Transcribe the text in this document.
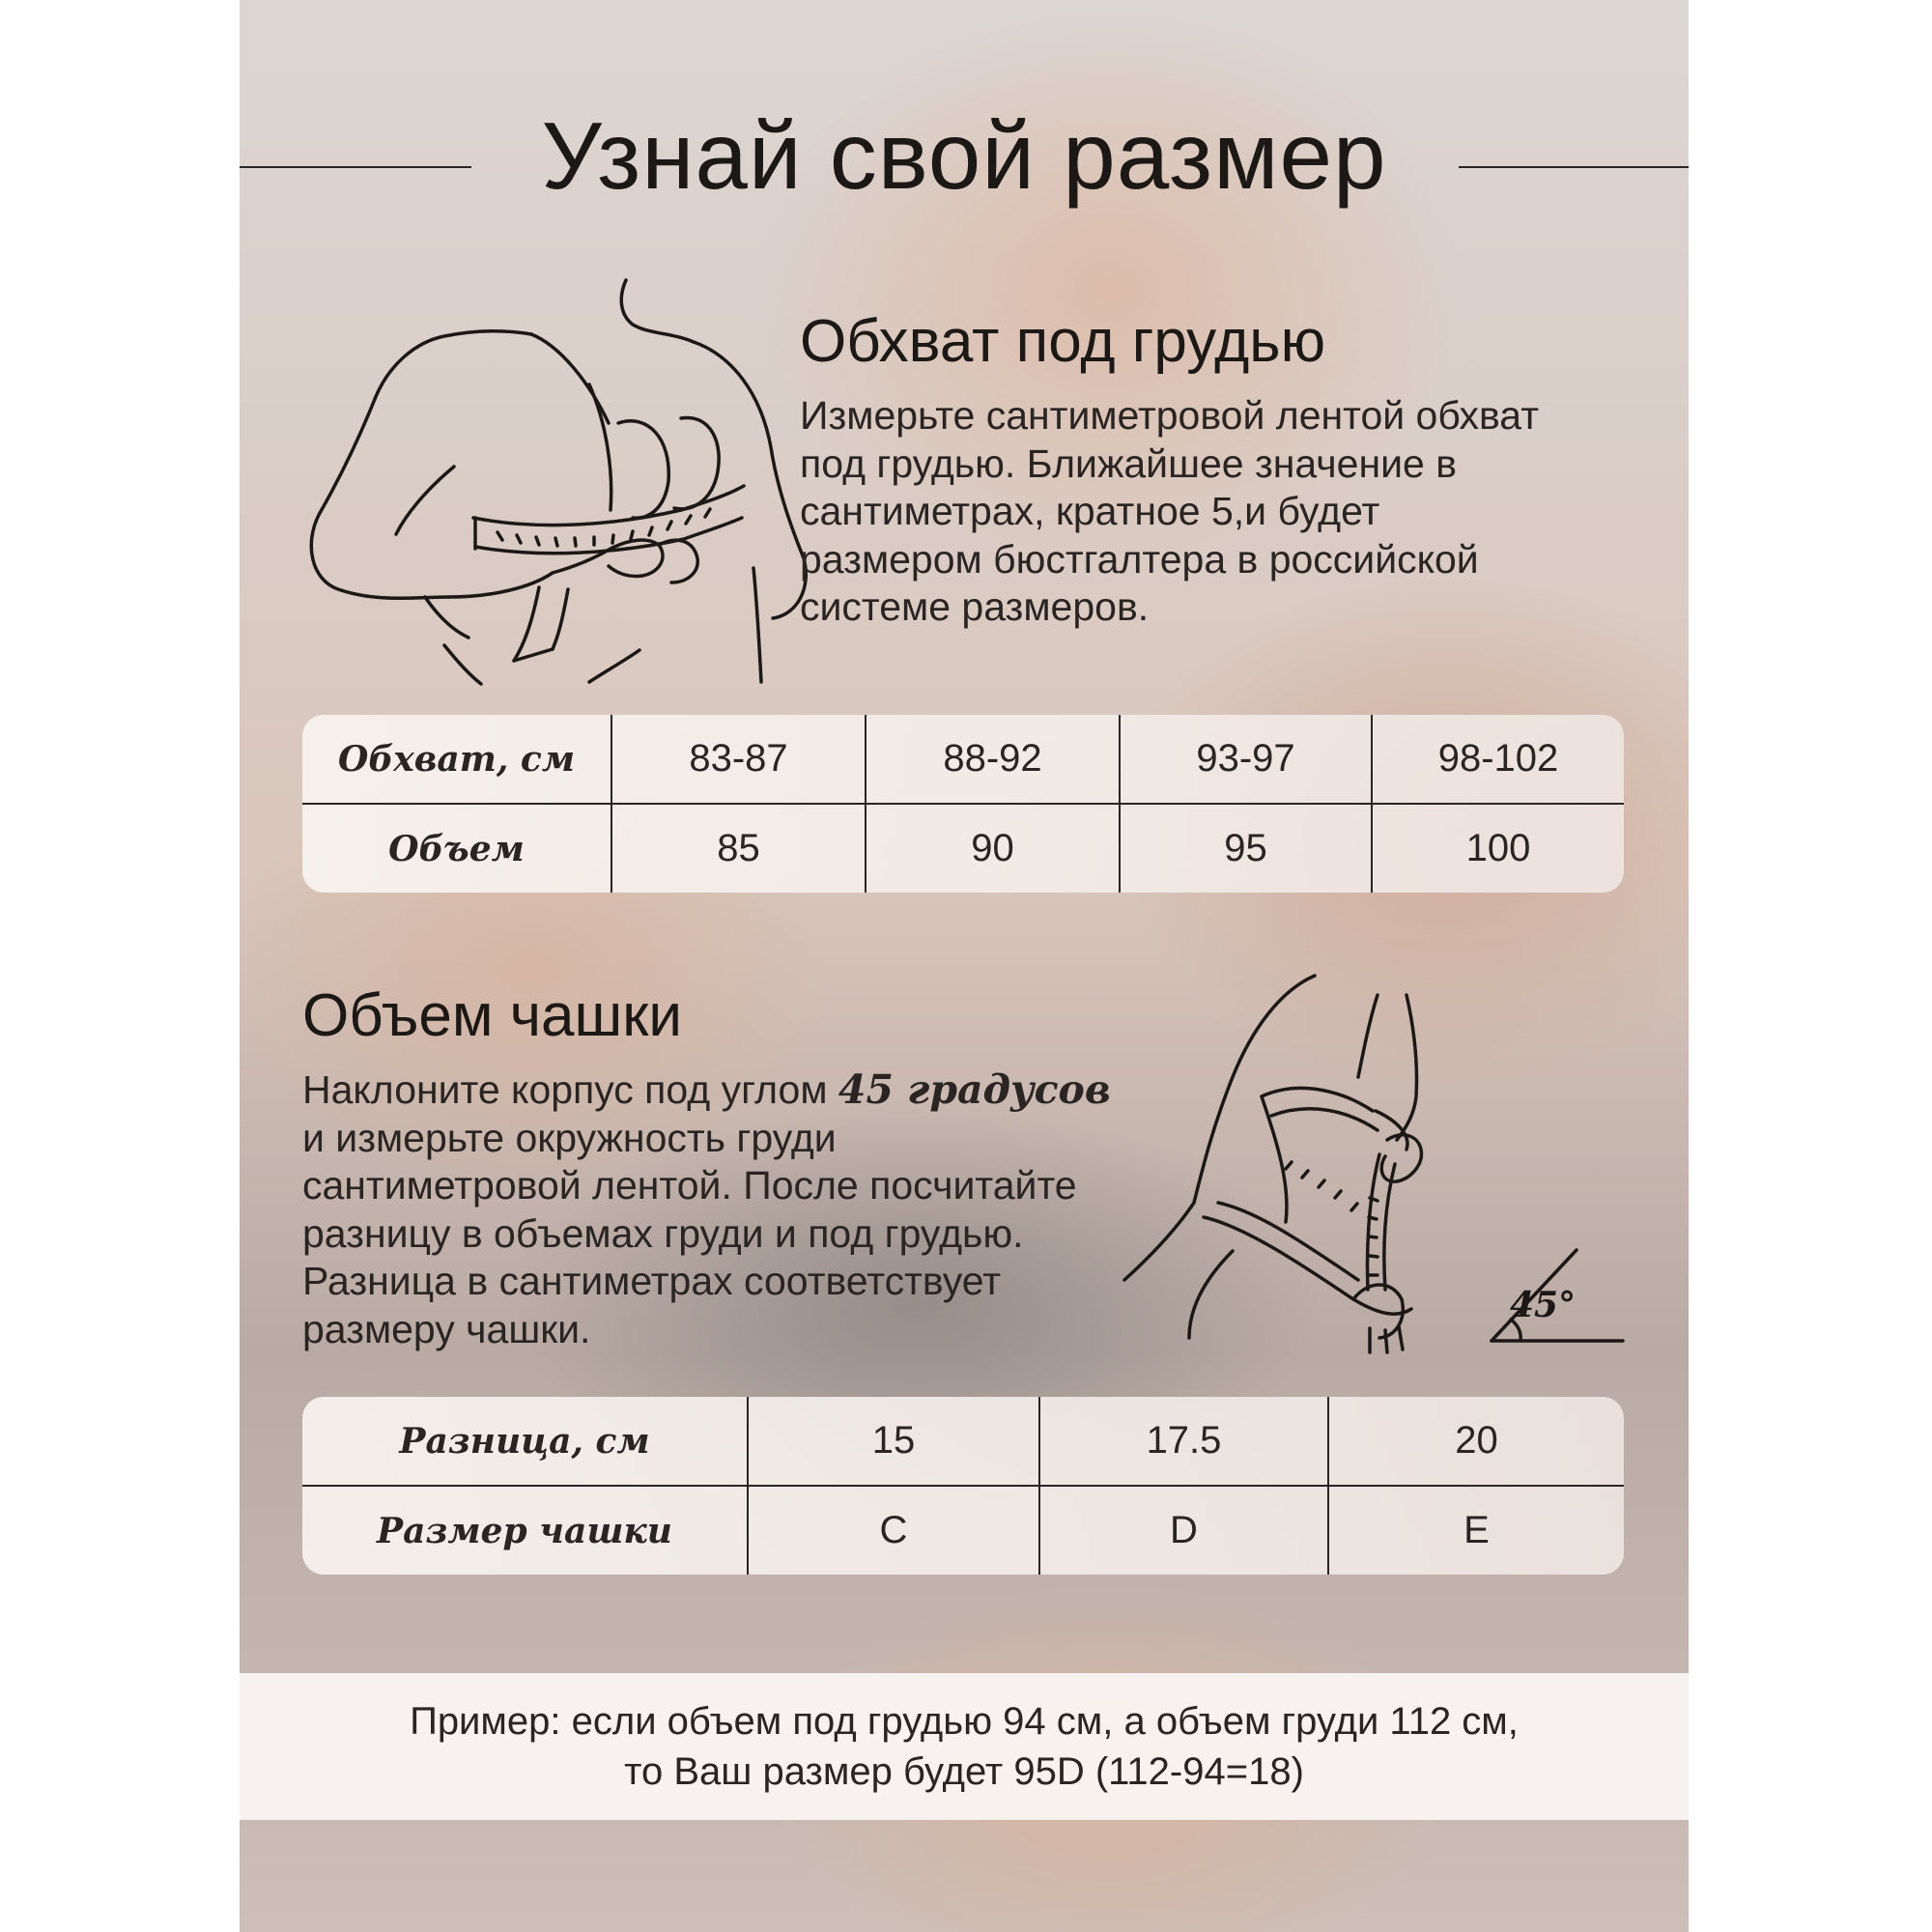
Узнай свой размер
Обхват под грудью
Измерьте сантиметровой лентой обхват
под грудью. Ближайшее значение в
сантиметрах, кратное 5,и будет
размером бюстгалтера в российской
системе размеров.
Обхват, см	83-87	88-92	93-97	98-102
Объем	85	90	95	100
Объем чашки
Наклоните корпус под углом 45 градусов
и измерьте окружность груди
сантиметровой лентой. После посчитайте
разницу в объемах груди и под грудью.
Разница в сантиметрах соответствует
размеру чашки.
45°
Разница, см	15	17.5	20
Размер чашки	C	D	E
Пример: если объем под грудью 94 см, а объем груди 112 см,
то Ваш размер будет 95D (112-94=18)
